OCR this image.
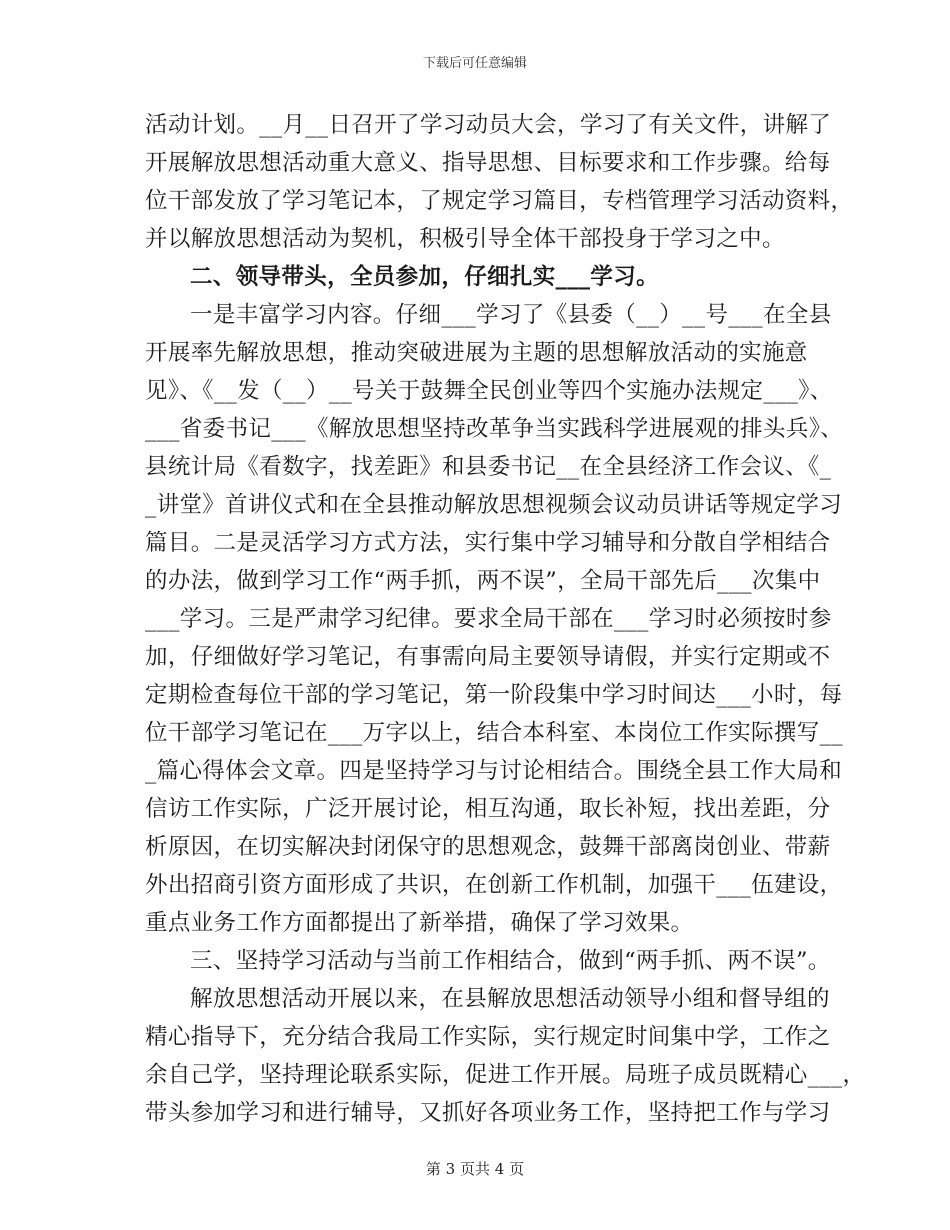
下载后可任意编辑
活动计划。__月__日召开了学习动员大会，学习了有关文件，讲解了
开展解放思想活动重大意义、指导思想、目标要求和工作步骤。给每
位干部发放了学习笔记本，了规定学习篇目，专档管理学习活动资料，
并以解放思想活动为契机，积极引导全体干部投身于学习之中。
二、领导带头，全员参加，仔细扎实___学习。
一是丰富学习内容。仔细___学习了《县委（__）__号___在全县
开展率先解放思想，推动突破进展为主题的思想解放活动的实施意
见》、《__发（__）__号关于鼓舞全民创业等四个实施办法规定___》、
___省委书记___《解放思想坚持改革争当实践科学进展观的排头兵》、
县统计局《看数字，找差距》和县委书记__在全县经济工作会议、《_
_讲堂》首讲仪式和在全县推动解放思想视频会议动员讲话等规定学习
篇目。二是灵活学习方式方法，实行集中学习辅导和分散自学相结合
的办法，做到学习工作“两手抓，两不误”，全局干部先后___次集中
___学习。三是严肃学习纪律。要求全局干部在___学习时必须按时参
加，仔细做好学习笔记，有事需向局主要领导请假，并实行定期或不
定期检查每位干部的学习笔记，第一阶段集中学习时间达___小时，每
位干部学习笔记在___万字以上，结合本科室、本岗位工作实际撰写__
_篇心得体会文章。四是坚持学习与讨论相结合。围绕全县工作大局和
信访工作实际，广泛开展讨论，相互沟通，取长补短，找出差距，分
析原因，在切实解决封闭保守的思想观念，鼓舞干部离岗创业、带薪
外出招商引资方面形成了共识，在创新工作机制，加强干___伍建设，
重点业务工作方面都提出了新举措，确保了学习效果。
三、坚持学习活动与当前工作相结合，做到“两手抓、两不误”。
解放思想活动开展以来，在县解放思想活动领导小组和督导组的
精心指导下，充分结合我局工作实际，实行规定时间集中学，工作之
余自己学，坚持理论联系实际，促进工作开展。局班子成员既精心___，
带头参加学习和进行辅导，又抓好各项业务工作，坚持把工作与学习
第 3 页共 4 页
